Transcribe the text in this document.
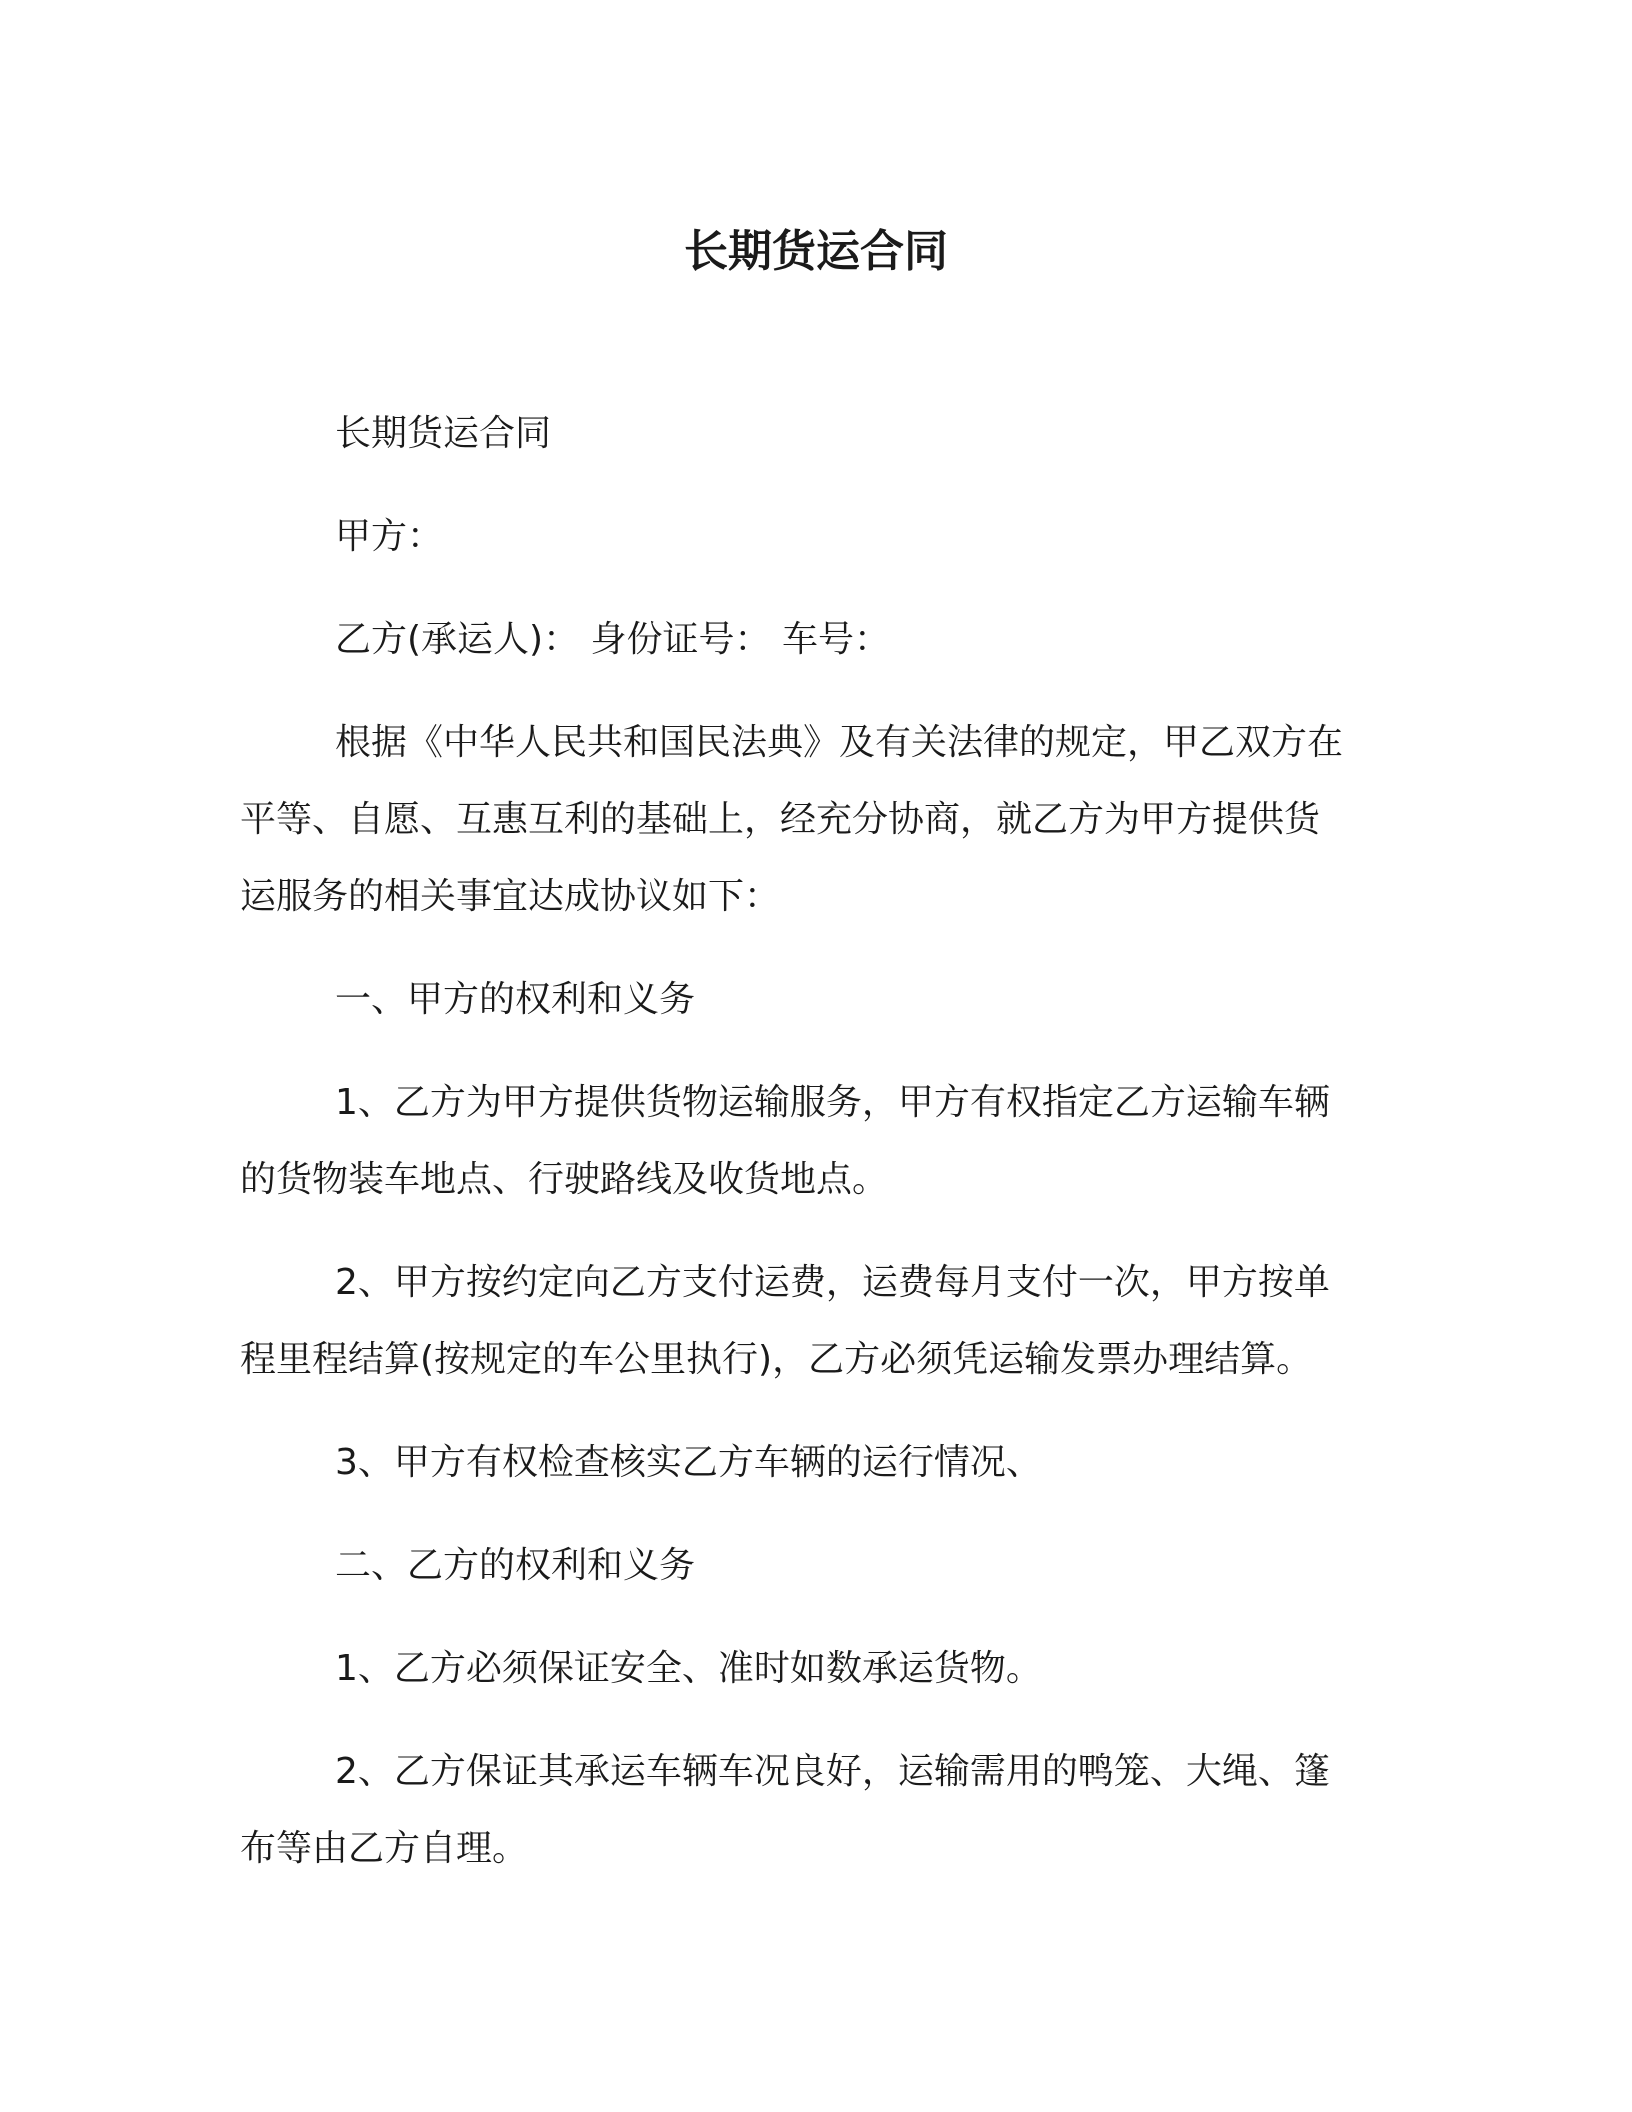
长期货运合同

长期货运合同

甲方：

乙方(承运人)： 身份证号： 车号：

根据《中华人民共和国民法典》及有关法律的规定，甲乙双方在
平等、自愿、互惠互利的基础上，经充分协商，就乙方为甲方提供货
运服务的相关事宜达成协议如下：

一、甲方的权利和义务

1、乙方为甲方提供货物运输服务，甲方有权指定乙方运输车辆
的货物装车地点、行驶路线及收货地点。

2、甲方按约定向乙方支付运费，运费每月支付一次，甲方按单
程里程结算(按规定的车公里执行)，乙方必须凭运输发票办理结算。

3、甲方有权检查核实乙方车辆的运行情况、

二、乙方的权利和义务

1、乙方必须保证安全、准时如数承运货物。

2、乙方保证其承运车辆车况良好，运输需用的鸭笼、大绳、篷
布等由乙方自理。
